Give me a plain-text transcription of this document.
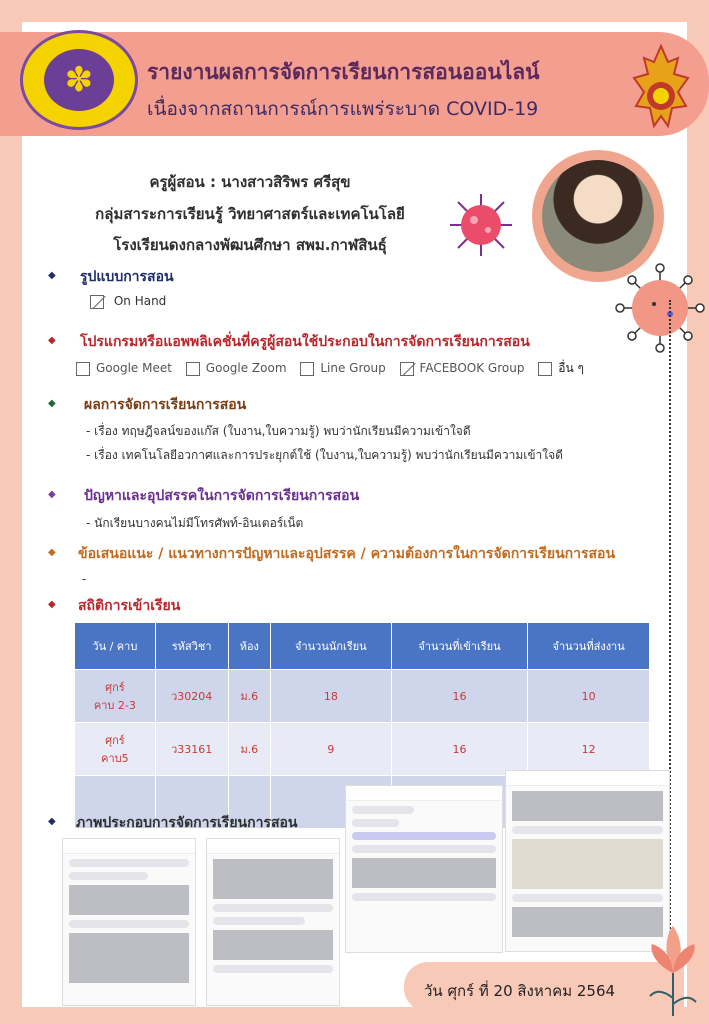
✽	รายงานผลการจัดการเรียนการสอนออนไลน์
เนื่องจากสถานการณ์การแพร่ระบาด COVID-19
ครูผู้สอน : นางสาวสิริพร ศรีสุข
กลุ่มสาระการเรียนรู้ วิทยาศาสตร์และเทคโนโลยี
โรงเรียนดงกลางพัฒนศึกษา สพม.กาฬสินธุ์
◆ รูปแบบการสอน
On Hand
◆ โปรแกรมหรือแอพพลิเคชั่นที่ครูผู้สอนใช้ประกอบในการจัดการเรียนการสอน
Google Meet	Google Zoom	Line Group	FACEBOOK Group	อื่น ๆ
◆ ผลการจัดการเรียนการสอน
- เรื่อง ทฤษฎีจลน์ของแก๊ส (ใบงาน,ใบความรู้) พบว่านักเรียนมีความเข้าใจดี
- เรื่อง เทคโนโลยีอวกาศและการประยุกต์ใช้ (ใบงาน,ใบความรู้) พบว่านักเรียนมีความเข้าใจดี
◆ ปัญหาและอุปสรรคในการจัดการเรียนการสอน
- นักเรียนบางคนไม่มีโทรศัพท์-อินเตอร์เน็ต
◆ ข้อเสนอแนะ / แนวทางการปัญหาและอุปสรรค / ความต้องการในการจัดการเรียนการสอน
-
◆ สถิติการเข้าเรียน
วัน / คาบ	รหัสวิชา	ห้อง	จำนวนนักเรียน	จำนวนที่เข้าเรียน	จำนวนที่ส่งงาน
ศุกร์
คาบ 2-3	ว30204	ม.6	18	16	10
ศุกร์
คาบ5	ว33161	ม.6	9	16	12

◆ ภาพประกอบการจัดการเรียนการสอน
วัน ศุกร์ ที่ 20 สิงหาคม 2564
